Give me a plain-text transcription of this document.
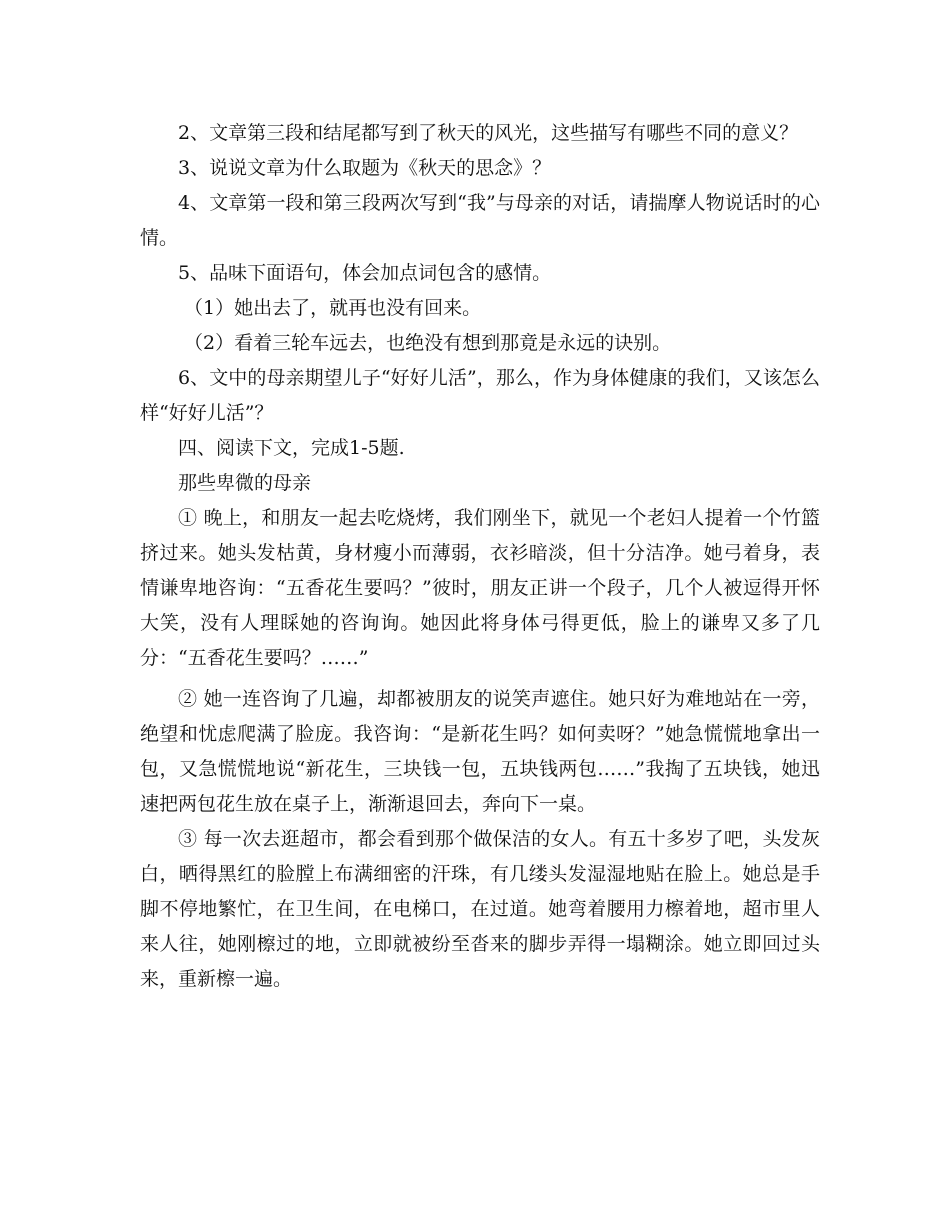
2、文章第三段和结尾都写到了秋天的风光，这些描写有哪些不同的意义？

3、说说文章为什么取题为《秋天的思念》？

4、文章第一段和第三段两次写到“我”与母亲的对话，请揣摩人物说话时的心情。

5、品味下面语句，体会加点词包含的感情。

（1）她出去了，就再也没有回来。

（2）看着三轮车远去，也绝没有想到那竟是永远的诀别。

6、文中的母亲期望儿子“好好儿活”，那么，作为身体健康的我们，又该怎么样“好好儿活”？

四、阅读下文，完成1-5题.

那些卑微的母亲

① 晚上，和朋友一起去吃烧烤，我们刚坐下，就见一个老妇人提着一个竹篮挤过来。她头发枯黄，身材瘦小而薄弱，衣衫暗淡，但十分洁净。她弓着身，表情谦卑地咨询：“五香花生要吗？”彼时，朋友正讲一个段子，几个人被逗得开怀大笑，没有人理睬她的咨询询。她因此将身体弓得更低，脸上的谦卑又多了几分：“五香花生要吗？……”

② 她一连咨询了几遍，却都被朋友的说笑声遮住。她只好为难地站在一旁，绝望和忧虑爬满了脸庞。我咨询：“是新花生吗？如何卖呀？”她急慌慌地拿出一包，又急慌慌地说“新花生，三块钱一包，五块钱两包……”我掏了五块钱，她迅速把两包花生放在桌子上，渐渐退回去，奔向下一桌。

③ 每一次去逛超市，都会看到那个做保洁的女人。有五十多岁了吧，头发灰白，晒得黑红的脸膛上布满细密的汗珠，有几缕头发湿湿地贴在脸上。她总是手脚不停地繁忙，在卫生间，在电梯口，在过道。她弯着腰用力檫着地，超市里人来人往，她刚檫过的地，立即就被纷至沓来的脚步弄得一塌糊涂。她立即回过头来，重新檫一遍。
